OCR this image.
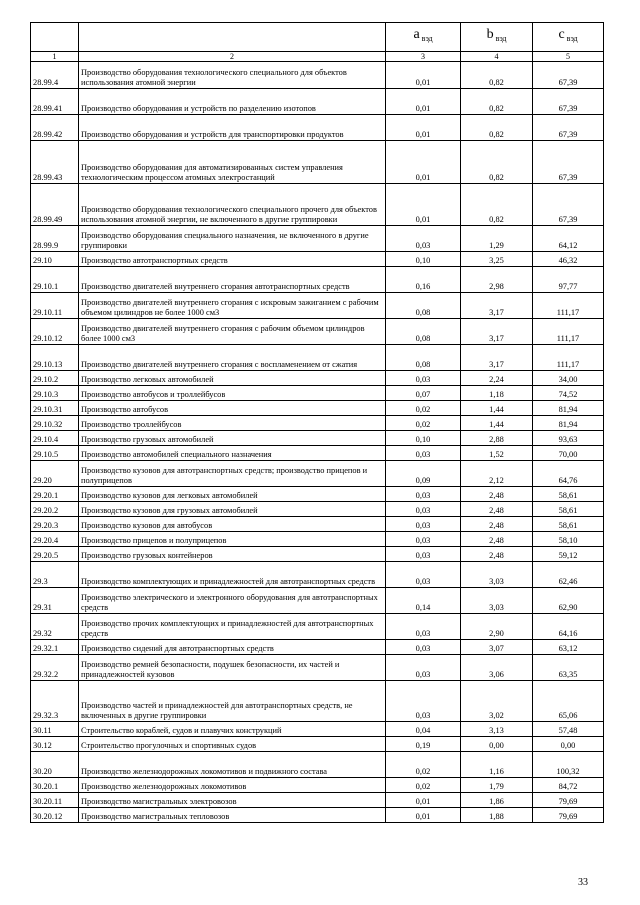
		a $_{вэд}$	b $_{вэд}$	c $_{вэд}$
1	2	3	4	5
28.99.4	Производство оборудования технологического специального для объектов использования атомной энергии	0,01	0,82	67,39
28.99.41	Производство оборудования и устройств по разделению изотопов	0,01	0,82	67,39
28.99.42	Производство оборудования и устройств для транспортировки продуктов	0,01	0,82	67,39
28.99.43	Производство оборудования для автоматизированных систем управления технологическим процессом атомных электростанций	0,01	0,82	67,39
28.99.49	Производство оборудования технологического специального прочего для объектов использования атомной энергии, не включенного в другие группировки	0,01	0,82	67,39
28.99.9	Производство оборудования специального назначения, не включенного в другие группировки	0,03	1,29	64,12
29.10	Производство автотранспортных средств	0,10	3,25	46,32
29.10.1	Производство двигателей внутреннего сгорания автотранспортных средств	0,16	2,98	97,77
29.10.11	Производство двигателей внутреннего сгорания с искровым зажиганием с рабочим объемом цилиндров не более 1000 см3	0,08	3,17	111,17
29.10.12	Производство двигателей внутреннего сгорания с рабочим объемом цилиндров более 1000 см3	0,08	3,17	111,17
29.10.13	Производство двигателей внутреннего сгорания с воспламенением от сжатия	0,08	3,17	111,17
29.10.2	Производство легковых автомобилей	0,03	2,24	34,00
29.10.3	Производство автобусов и троллейбусов	0,07	1,18	74,52
29.10.31	Производство автобусов	0,02	1,44	81,94
29.10.32	Производство троллейбусов	0,02	1,44	81,94
29.10.4	Производство грузовых автомобилей	0,10	2,88	93,63
29.10.5	Производство автомобилей специального назначения	0,03	1,52	70,00
29.20	Производство кузовов для автотранспортных средств; производство прицепов и полуприцепов	0,09	2,12	64,76
29.20.1	Производство кузовов для легковых автомобилей	0,03	2,48	58,61
29.20.2	Производство кузовов для грузовых автомобилей	0,03	2,48	58,61
29.20.3	Производство кузовов для автобусов	0,03	2,48	58,61
29.20.4	Производство прицепов и полуприцепов	0,03	2,48	58,10
29.20.5	Производство грузовых контейнеров	0,03	2,48	59,12
29.3	Производство комплектующих и принадлежностей для автотранспортных средств	0,03	3,03	62,46
29.31	Производство электрического и электронного оборудования для автотранспортных средств	0,14	3,03	62,90
29.32	Производство прочих комплектующих и принадлежностей для автотранспортных средств	0,03	2,90	64,16
29.32.1	Производство сидений для автотранспортных средств	0,03	3,07	63,12
29.32.2	Производство ремней безопасности, подушек безопасности, их частей и принадлежностей кузовов	0,03	3,06	63,35
29.32.3	Производство частей и принадлежностей для автотранспортных средств, не включенных в другие группировки	0,03	3,02	65,06
30.11	Строительство кораблей, судов и плавучих конструкций	0,04	3,13	57,48
30.12	Строительство прогулочных и спортивных судов	0,19	0,00	0,00
30.20	Производство железнодорожных локомотивов и подвижного состава	0,02	1,16	100,32
30.20.1	Производство железнодорожных локомотивов	0,02	1,79	84,72
30.20.11	Производство магистральных электровозов	0,01	1,86	79,69
30.20.12	Производство магистральных тепловозов	0,01	1,88	79,69
33
